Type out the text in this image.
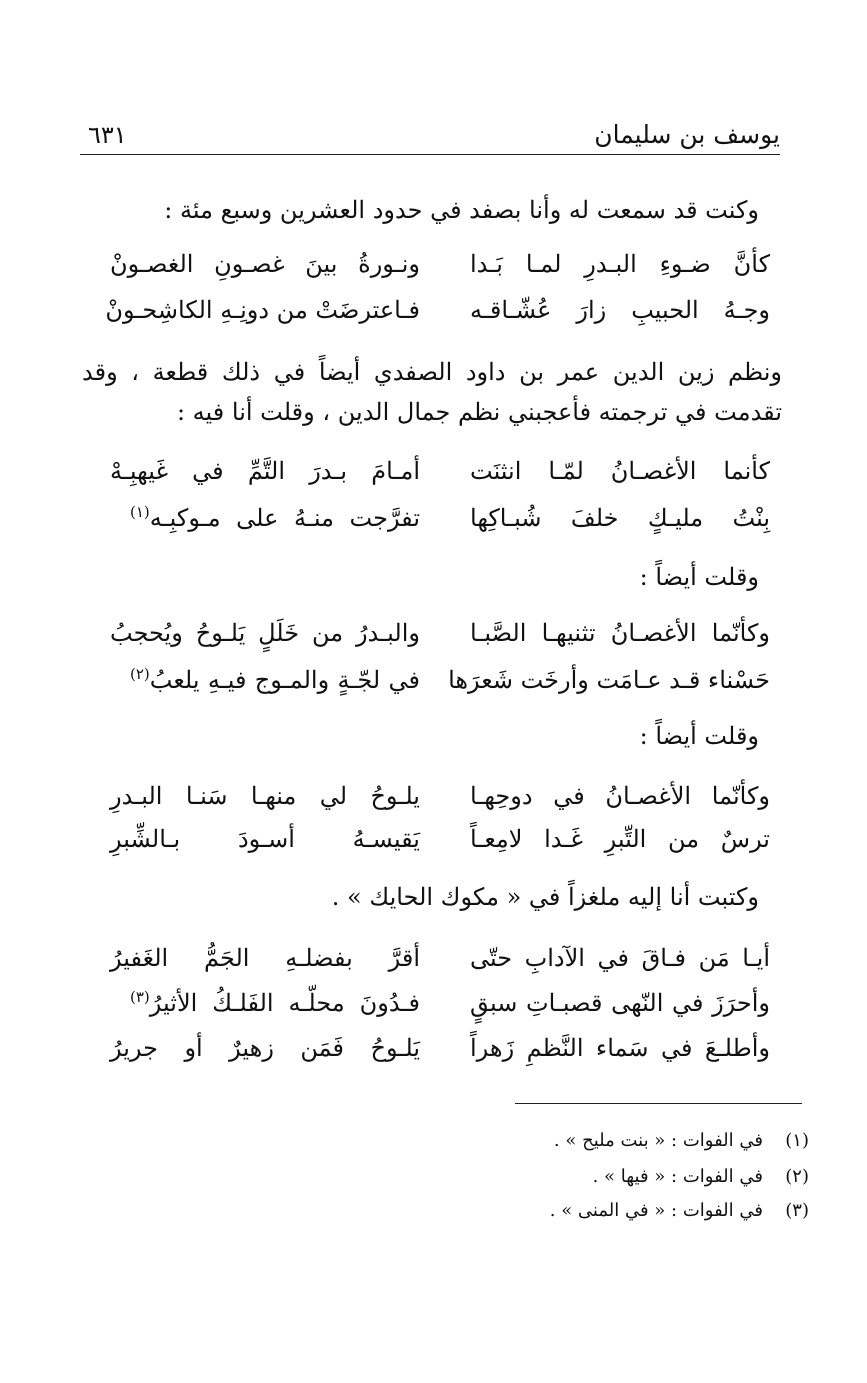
يوسف بن سليمان
٦٣١

وكنت قد سمعت له وأنا بصفد في حدود العشرين وسبع مئة :

كأنَّ ضـوءِ البـدرِ لمـا بَـدا
ونـورةُ بينَ غصـونِ الغصـونْ
وجـهُ الحبيبِ زارَ عُشّـاقـه
فـاعترضَتْ من دونِـهِ الكاشِحـونْ

ونظم زين الدين عمر بن داود الصفدي أيضاً في ذلك قطعة ، وقد تقدمت في ترجمته فأعجبني نظم جمال الدين ، وقلت أنا فيه :

كأنما الأغصـانُ لمّـا انثنَت
أمـامَ بـدرَ التَّمِّ في غَيهبِـهْ
بِنْتُ مليـكٍ خلفَ شُبـاكِها
تفرَّجت منـهُ على مـوكبِـه$^{(١)}$

وقلت أيضاً :

وكأنّما الأغصـانُ تثنيهـا الصَّبـا
والبـدرُ من خَلَلٍ يَلـوحُ ويُحجبُ
حَسْناء قـد عـامَت وأرخَت شَعرَها
في لجّـةٍ والمـوج فيـهِ يلعبُ$^{(٢)}$

وقلت أيضاً :

وكأنّما الأغصـانُ في دوحِهـا
يلـوحُ لي منهـا سَنـا البـدرِ
ترسٌ من التِّبرِ غَـدا لامِعـاً
يَقيسـهُ أسـودَ بـالشِّبرِ

وكتبت أنا إليه ملغزاً في « مكوك الحايك » .

أيـا مَن فـاقَ في الآدابِ حتّى
أقرَّ بفضلـهِ الجَمُّ الغَفيرُ
وأحرَزَ في النّهى قصبـاتِ سبقٍ
فـدُونَ محلّـه الفَلـكُ الأثيرُ$^{(٣)}$
وأطلـعَ في سَماء النَّظمِ زَهراً
يَلـوحُ فَمَن زهيرٌ أو جريرُ
(١)في الفوات : « بنت مليح » .
(٢)في الفوات : « فيها » .
(٣)في الفوات : « في المنى » .
